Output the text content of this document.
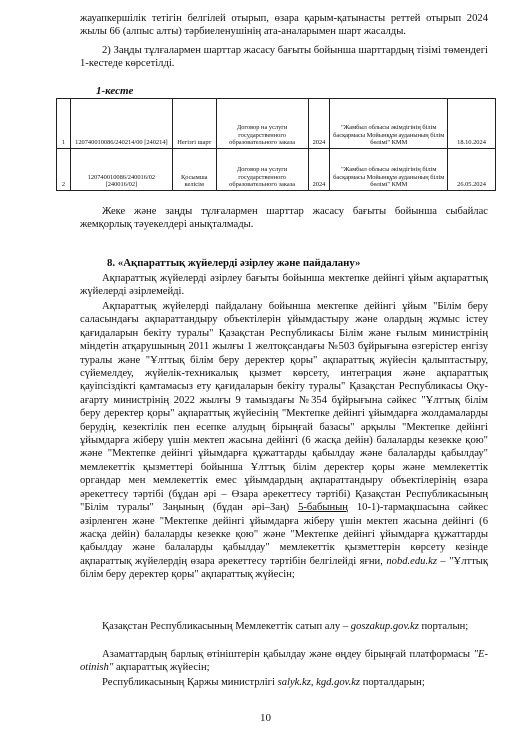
жауапкершілік тетігін белгілей отырып, өзара қарым-қатынасты реттей отырып 2024 жылы 66 (алпыс алты) тәрбиеленушінің ата-аналарымен шарт жасалды.

2) Заңды тұлғалармен шарттар жасасу бағыты бойынша шарттардың тізімі төмендегі 1-кестеде көрсетілді.

1-кесте
1	120740010086/240214/00 [240214]	Негізгі шарт	Договор на услуги государственного образовательного заказа	2024	"Жамбыл облысы әкімдігінің білім басқармасы Мойынқұм ауданының білім бөлімі" КММ	18.10.2024
2	120740010086/240016/02 [240016/02]	Қосымша келісім	Договор на услуги государственного образовательного заказа	2024	"Жамбыл облысы әкімдігінің білім басқармасы Мойынқұм ауданының білім бөлімі" КММ	26.05.2024

Жеке және заңды тұлғалармен шарттар жасасу бағыты бойынша сыбайлас жемқорлық тәуекелдері анықталмады.

8. «Ақпараттық жүйелерді әзірлеу және пайдалану»

Ақпараттық жүйелерді әзірлеу бағыты бойынша мектепке дейінгі ұйым ақпараттық жүйелерді әзірлемейді.

Ақпараттық жүйелерді пайдалану бойынша мектепке дейінгі ұйым "Білім беру саласындағы ақпараттандыру объектілерін ұйымдастыру және олардың жұмыс істеу қағидаларын бекіту туралы" Қазақстан Республикасы Білім және ғылым министрінің міндетін атқарушының 2011 жылғы 1 желтоқсандағы №503 бұйрығына өзгерістер енгізу туралы және "Ұлттық білім беру деректер қоры" ақпараттық жүйесін қалыптастыру, сүйемелдеу, жүйелік-техникалық қызмет көрсету, интеграция және ақпараттық қауіпсіздікті қамтамасыз ету қағидаларын бекіту туралы" Қазақстан Республикасы Оқу-ағарту министрінің 2022 жылғы 9 тамыздағы №354 бұйрығына сәйкес "Ұлттық білім беру деректер қоры" ақпараттық жүйесінің "Мектепке дейінгі ұйымдарға жолдамаларды берудің, кезектілік пен есепке алудың бірыңғай базасы" арқылы "Мектепке дейінгі ұйымдарға жіберу үшін мектеп жасына дейінгі (6 жасқа дейін) балаларды кезекке қою" және "Мектепке дейінгі ұйымдарға құжаттарды қабылдау және балаларды қабылдау" мемлекеттік қызметтері бойынша Ұлттық білім деректер қоры және мемлекеттік органдар мен мемлекеттік емес ұйымдардың ақпараттандыру объектілерінің өзара әрекеттесу тәртібі (бұдан әрі – Өзара әрекеттесу тәртібі) Қазақстан Республикасының "Білім туралы" Заңының (бұдан әрі–Заң) 5-бабының 10-1)-тармақшасына сәйкес әзірленген және "Мектепке дейінгі ұйымдарға жіберу үшін мектеп жасына дейінгі (6 жасқа дейін) балаларды кезекке қою" және "Мектепке дейінгі ұйымдарға құжаттарды қабылдау және балаларды қабылдау" мемлекеттік қызметтерін көрсету кезінде ақпараттық жүйелердің өзара әрекеттесу тәртібін белгілейді яғни, nobd.edu.kz – "Ұлттық білім беру деректер қоры" ақпараттық жүйесін;

Қазақстан Республикасының Мемлекеттік сатып алу – goszakup.gov.kz порталын;

Азаматтардың барлық өтініштерін қабылдау және өңдеу бірыңғай платформасы "E-otinish" ақпараттық жүйесін;

Республикасының Қаржы министрлігі salyk.kz, kgd.gov.kz порталдарын;

10
